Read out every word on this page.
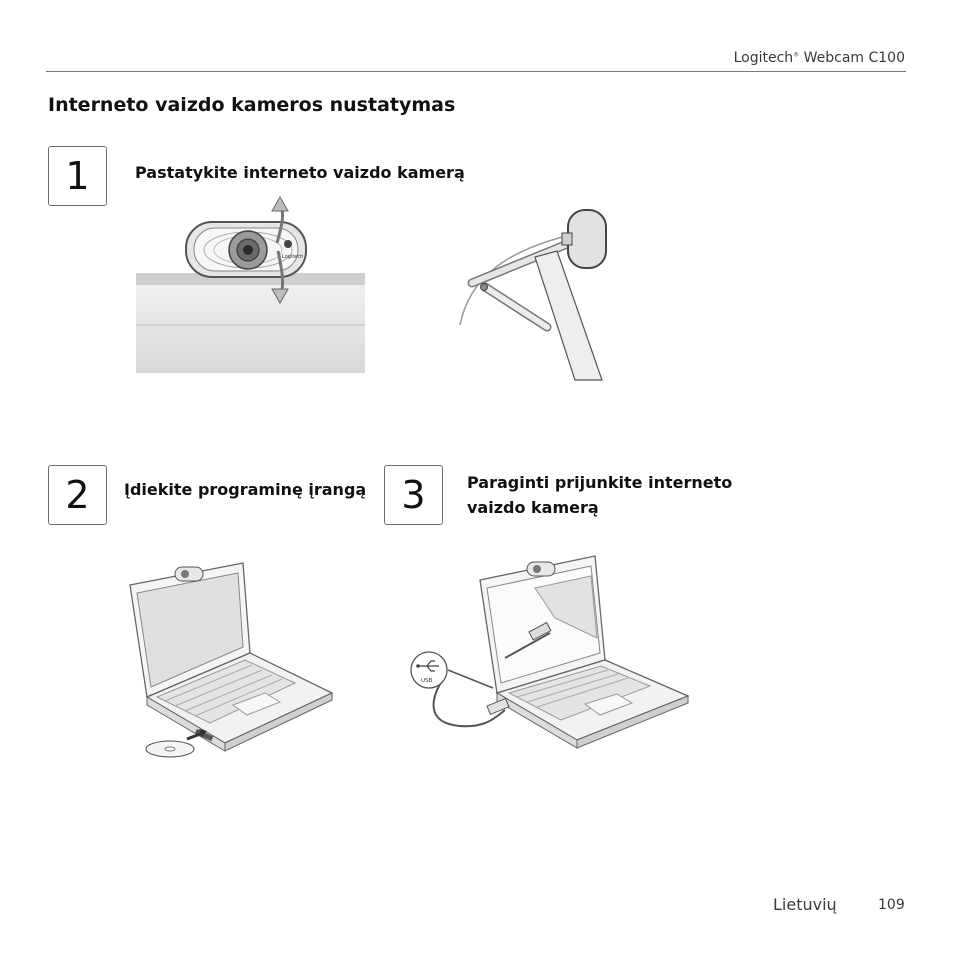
Logitech® Webcam C100
Interneto vaizdo kameros nustatymas
1	Pastatykite interneto vaizdo kamerą
Logitech
2 Įdiekite programinę įrangą 3	Paraginti prijunkite interneto
vaizdo kamerą
USB
Lietuvių	109
